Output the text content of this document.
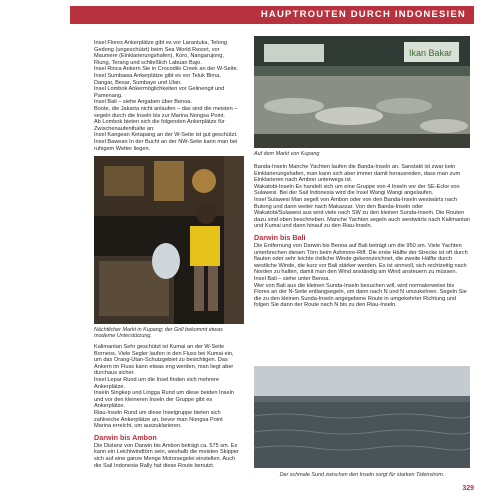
HAUPTROUTEN DURCH INDONESIEN

Insel Flores Ankerplätze gibt es vor Larantuka, Telong Gedong (ungeschützt) beim Sea World Resort, vor Maumere (Einklarierungshafen), Koro, Nangarujong, Riung, Terang und schließlich Labuan Bajo.

Insel Rinca Ankern Sie in Crocodile Creek an der W-Seite.

Insel Sumbawa Ankerplätze gibt es vor Teluk Bima, Dangar, Besar, Sumbaye und Ulan.

Insel Lombok Ankermöglichkeiten vor Gelinengit und Pamenang.

Insel Bali – siehe Angaben über Benoa.

Boote, die Jakarta nicht anlaufen – das sind die meisten – segeln durch die Inseln bis zur Marina Nongsa Point.

Ab Lombok bieten sich die folgenden Ankerplätze für Zwischenaufenthalte an:

Insel Kangean Ketapang an der W-Seite ist gut geschützt.

Insel Bawean In der Bucht an der NW-Seite kann man bei ruhigem Wetter liegen.

Nächtlicher Markt in Kupang; der Grill bekommt etwas moderne Unterstützung.

Kalimantan Sehr geschützt ist Kumai an der W-Seite Borneos. Viele Segler laufen in den Fluss bei Kumai ein, um das Orang-Utan-Schutzgebiet zu besichtigen. Das Ankern im Fluss kann etwas eng werden, man liegt aber durchaus sicher.

Insel Lepar Rund um die Insel finden sich mehrere Ankerplätze.

Inseln Singkep und Lingga Rund um diese beiden Inseln und vor den kleineren Inseln der Gruppe gibt es Ankerplätze.

Riau-Inseln Rund um diese Inselgruppe bieten sich zahlreiche Ankerplätze an, bevor man Nongsa Point Marina erreicht, um auszuklarieren.

Darwin bis Ambon

Die Distanz von Darwin bis Ambon beträgt ca. 575 sm. Es kann ein Leichtwindtörn sein, weshalb die meisten Skipper sich auf eine ganze Menge Motorsegelei einstellen. Auch die Sail Indonesia Rally hat diese Route benutzt.

Ikan Bakar
Auf dem Markt von Kupang

Banda-Inseln Manche Yachten laufen die Banda-Inseln an. Sanstakt ist zwar kein Einklarierungshafen, man kann sich aber immer damit herausreden, dass man zum Einklarieren nach Ambon unterwegs ist.

Wakatobi-Inseln Es handelt sich um eine Gruppe von 4 Inseln vor der SE-Ecke von Sulawesi. Bei der Sail Indonesia wird die Insel Wangi Wangi angelaufen.

Insel Sulawesi Man segelt von Ambon oder von den Banda-Inseln westwärts nach Butong und dann weiter nach Makassar. Von den Banda-Inseln oder Wakatobi/Sulawesi aus wird viele nach SW zu den kleinen Sunda-Inseln. Die Routen dazu sind oben beschrieben. Manche Yachten segeln auch westwärts nach Kalimantan und Kumai und dann hinauf zu den Riau-Inseln.

Darwin bis Bali

Die Entfernung von Darwin bis Benoa auf Bali beträgt um die 950 sm. Viele Yachten unterbrechen diesen Törn beim Ashmore-Riff. Die erste Hälfte der Strecke ist oft durch flauten oder sehr leichte östliche Winde gekennzeichnet, die zweite Hälfte durch westliche Winde, die kurz vor Bali stärker werden. Es ist sinnvoll, sich rechtzeitig nach Norden zu halten, damit man den Wind anständig am Wind ansteuern zu müssen.

Insel Bali – siehe unter Benoa.

Wer von Bali aus die kleinen Sunda-Inseln besuchen will, wird normalerweise bis Flores an der N-Seite entlangsegeln, um dann nach N und N umzukehren. Segeln Sie die zu den kleinen Sunda-Inseln angegebene Route in umgekehrter Richtung und folgen Sie dann der Route nach N bis zu den Riau-Inseln.

Der schmale Sund zwischen den Inseln sorgt für starken Tidenstrom.
329
